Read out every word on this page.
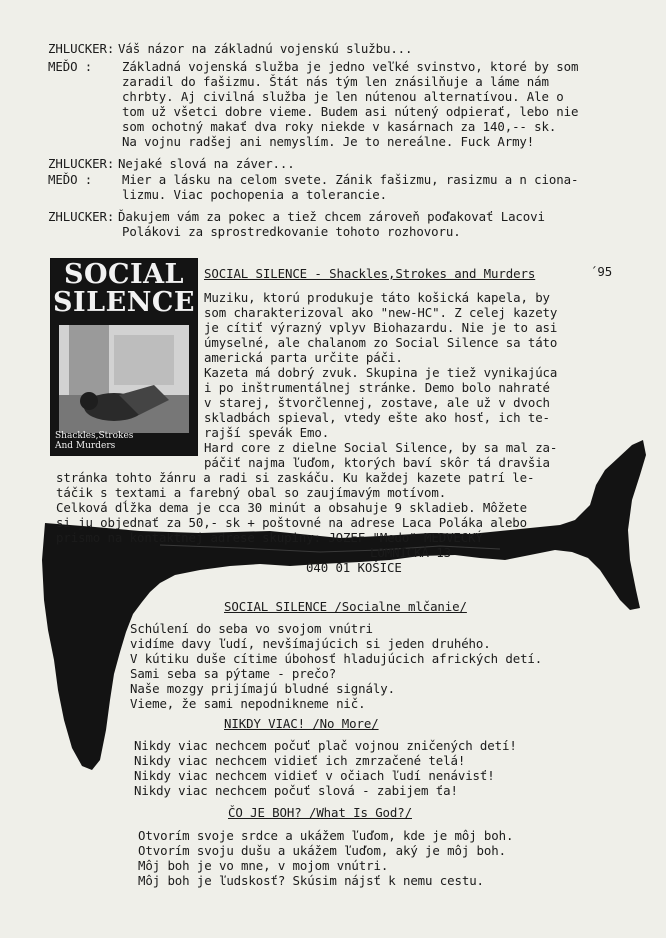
ZHLUCKER: Váš názor na základnú vojenskú službu...
MEĎO :	Základná vojenská služba je jedno veľké svinstvo, ktoré by som
zaradil do fašizmu. Štát nás tým len znásilňuje a láme nám
chrbty. Aj civilná služba je len nútenou alternatívou. Ale o
tom už všetci dobre vieme. Budem asi nútený odpierať, lebo nie
som ochotný makať dva roky niekde v kasárnach za 140,-- sk.
Na vojnu radšej ani nemyslím. Je to nereálne. Fuck Army!
ZHLUCKER: Nejaké slová na záver...
MEĎO :	Mier a lásku na celom svete. Zánik fašizmu, rasizmu a n ciona-
lizmu. Viac pochopenia a tolerancie.
ZHLUCKER: Ďakujem vám za pokec a tiež chcem zároveň poďakovať Lacovi
Polákovi za sprostredkovanie tohoto rozhovoru.
SOCIAL
SILENCE
Shackles,Strokes
And Murders
SOCIAL SILENCE - Shackles,Strokes and Murders	´95
Muziku, ktorú produkuje táto košická kapela, by
som charakterizoval ako "new-HC". Z celej kazety
je cítiť výrazný vplyv Biohazardu. Nie je to asi
úmyselné, ale chalanom zo Social Silence sa táto
americká parta určite páči.
Kazeta má dobrý zvuk. Skupina je tiež vynikajúca
i po inštrumentálnej stránke. Demo bolo nahraté
v starej, štvorčlennej, zostave, ale už v dvoch
skladbách spieval, vtedy ešte ako hosť, ich te-
rajší spevák Emo.
Hard core z dielne Social Silence, by sa mal za-
páčiť najma ľuďom, ktorých baví skôr tá dravšia
stránka tohto žánru a radi si zaskáču. Ku každej kazete patrí le-
táčik s textami a farebný obal so zaujímavým motívom.
Celková dĺžka dema je cca 30 minút a obsahuje 9 skladieb. Môžete
si ju objednať za 50,- sk + poštovné na adrese Laca Poláka alebo
prismo na kontaktnej adrese skupiny: JOZEF "Medo" MEDVECKÝ
LOMNICKÁ 13
040 01 KOŠICE
SOCIAL SILENCE /Socialne mlčanie/
Schúlení do seba vo svojom vnútri
vidíme davy ľudí, nevšímajúcich si jeden druhého.
V kútiku duše cítime úbohosť hladujúcich afrických detí.
Sami seba sa pýtame - prečo?
Naše mozgy prijímajú bludné signály.
Vieme, že sami nepodnikneme nič.
NIKDY VIAC! /No More/
Nikdy viac nechcem počuť plač vojnou zničených detí!
Nikdy viac nechcem vidieť ich zmrzačené telá!
Nikdy viac nechcem vidieť v očiach ľudí nenávisť!
Nikdy viac nechcem počuť slová - zabijem ťa!
ČO JE BOH? /What Is God?/
Otvorím svoje srdce a ukážem ľuďom, kde je môj boh.
Otvorím svoju dušu a ukážem ľuďom, aký je môj boh.
Môj boh je vo mne, v mojom vnútri.
Môj boh je ľudskosť? Skúsim nájsť k nemu cestu.
